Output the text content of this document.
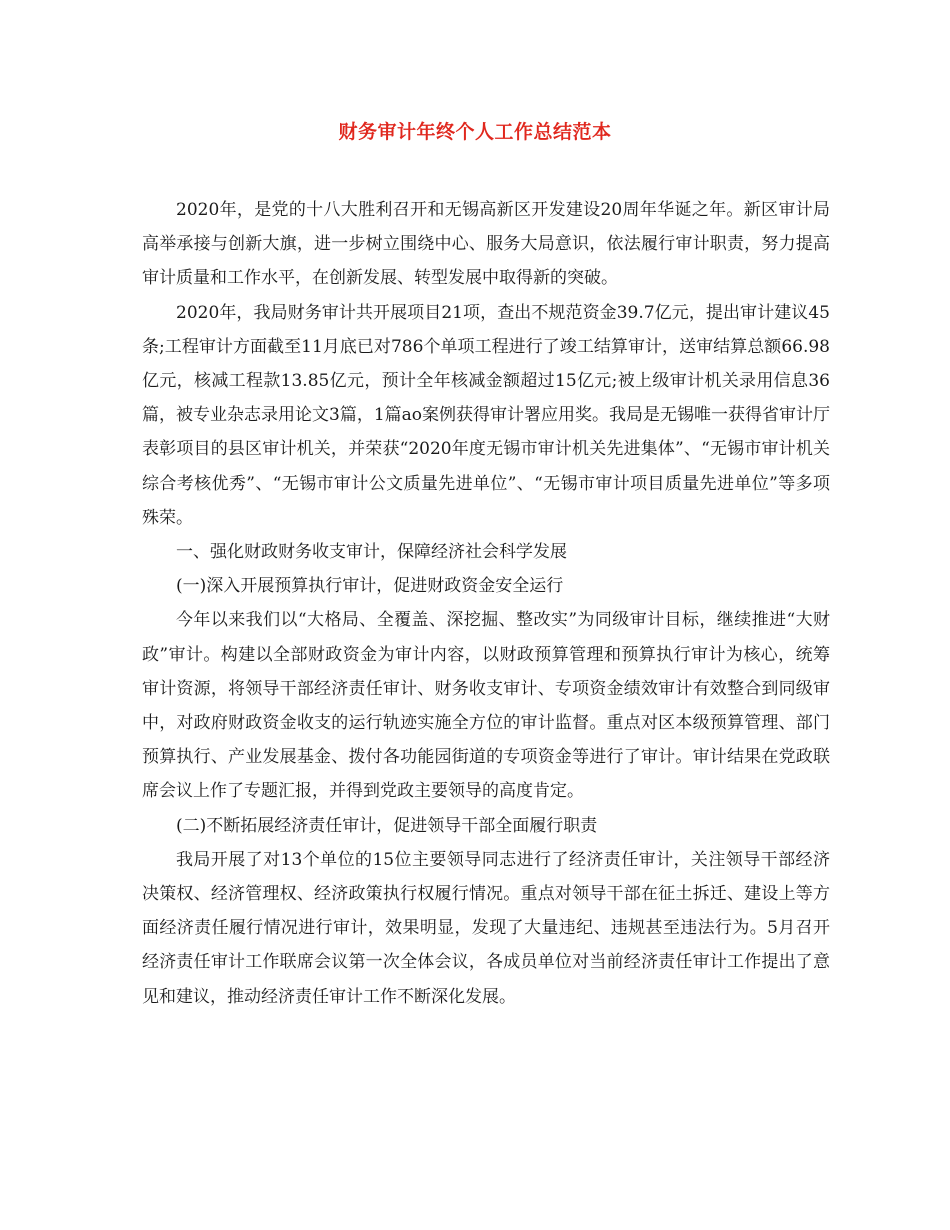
财务审计年终个人工作总结范本

2020年，是党的十八大胜利召开和无锡高新区开发建设20周年华诞之年。新区审计局高举承接与创新大旗，进一步树立围绕中心、服务大局意识，依法履行审计职责，努力提高审计质量和工作水平，在创新发展、转型发展中取得新的突破。

2020年，我局财务审计共开展项目21项，查出不规范资金39.7亿元，提出审计建议45条;工程审计方面截至11月底已对786个单项工程进行了竣工结算审计，送审结算总额66.98亿元，核减工程款13.85亿元，预计全年核减金额超过15亿元;被上级审计机关录用信息36篇，被专业杂志录用论文3篇，1篇ao案例获得审计署应用奖。我局是无锡唯一获得省审计厅表彰项目的县区审计机关，并荣获“2020年度无锡市审计机关先进集体”、“无锡市审计机关综合考核优秀”、“无锡市审计公文质量先进单位”、“无锡市审计项目质量先进单位”等多项殊荣。

一、强化财政财务收支审计，保障经济社会科学发展

(一)深入开展预算执行审计，促进财政资金安全运行

今年以来我们以“大格局、全覆盖、深挖掘、整改实”为同级审计目标，继续推进“大财政”审计。构建以全部财政资金为审计内容，以财政预算管理和预算执行审计为核心，统筹审计资源，将领导干部经济责任审计、财务收支审计、专项资金绩效审计有效整合到同级审中，对政府财政资金收支的运行轨迹实施全方位的审计监督。重点对区本级预算管理、部门预算执行、产业发展基金、拨付各功能园街道的专项资金等进行了审计。审计结果在党政联席会议上作了专题汇报，并得到党政主要领导的高度肯定。

(二)不断拓展经济责任审计，促进领导干部全面履行职责

我局开展了对13个单位的15位主要领导同志进行了经济责任审计，关注领导干部经济决策权、经济管理权、经济政策执行权履行情况。重点对领导干部在征土拆迁、建设上等方面经济责任履行情况进行审计，效果明显，发现了大量违纪、违规甚至违法行为。5月召开经济责任审计工作联席会议第一次全体会议，各成员单位对当前经济责任审计工作提出了意见和建议，推动经济责任审计工作不断深化发展。
